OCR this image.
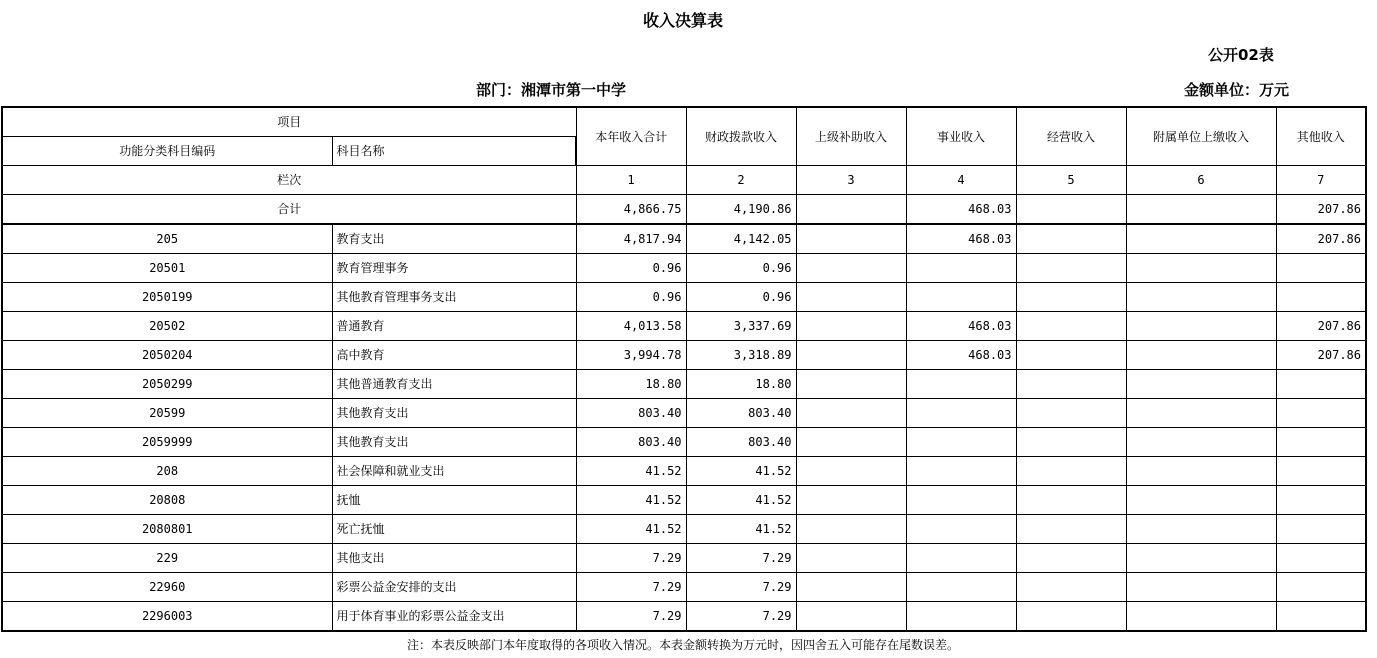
收入决算表
公开02表
部门：湘潭市第一中学	金额单位：万元
项目		本年收入合计	财政拨款收入	上级补助收入	事业收入	经营收入	附属单位上缴收入	其他收入
功能分类科目编码	科目名称							
栏次		1	2	3	4	5	6	7
合计		4,866.75	4,190.86		468.03			207.86
205	教育支出	4,817.94	4,142.05		468.03			207.86
20501	教育管理事务	0.96	0.96					
2050199	其他教育管理事务支出	0.96	0.96					
20502	普通教育	4,013.58	3,337.69		468.03			207.86
2050204	高中教育	3,994.78	3,318.89		468.03			207.86
2050299	其他普通教育支出	18.80	18.80					
20599	其他教育支出	803.40	803.40					
2059999	其他教育支出	803.40	803.40					
208	社会保障和就业支出	41.52	41.52					
20808	抚恤	41.52	41.52					
2080801	死亡抚恤	41.52	41.52					
229	其他支出	7.29	7.29					
22960	彩票公益金安排的支出	7.29	7.29					
2296003	用于体育事业的彩票公益金支出	7.29	7.29					
注：本表反映部门本年度取得的各项收入情况。本表金额转换为万元时，因四舍五入可能存在尾数误差。
